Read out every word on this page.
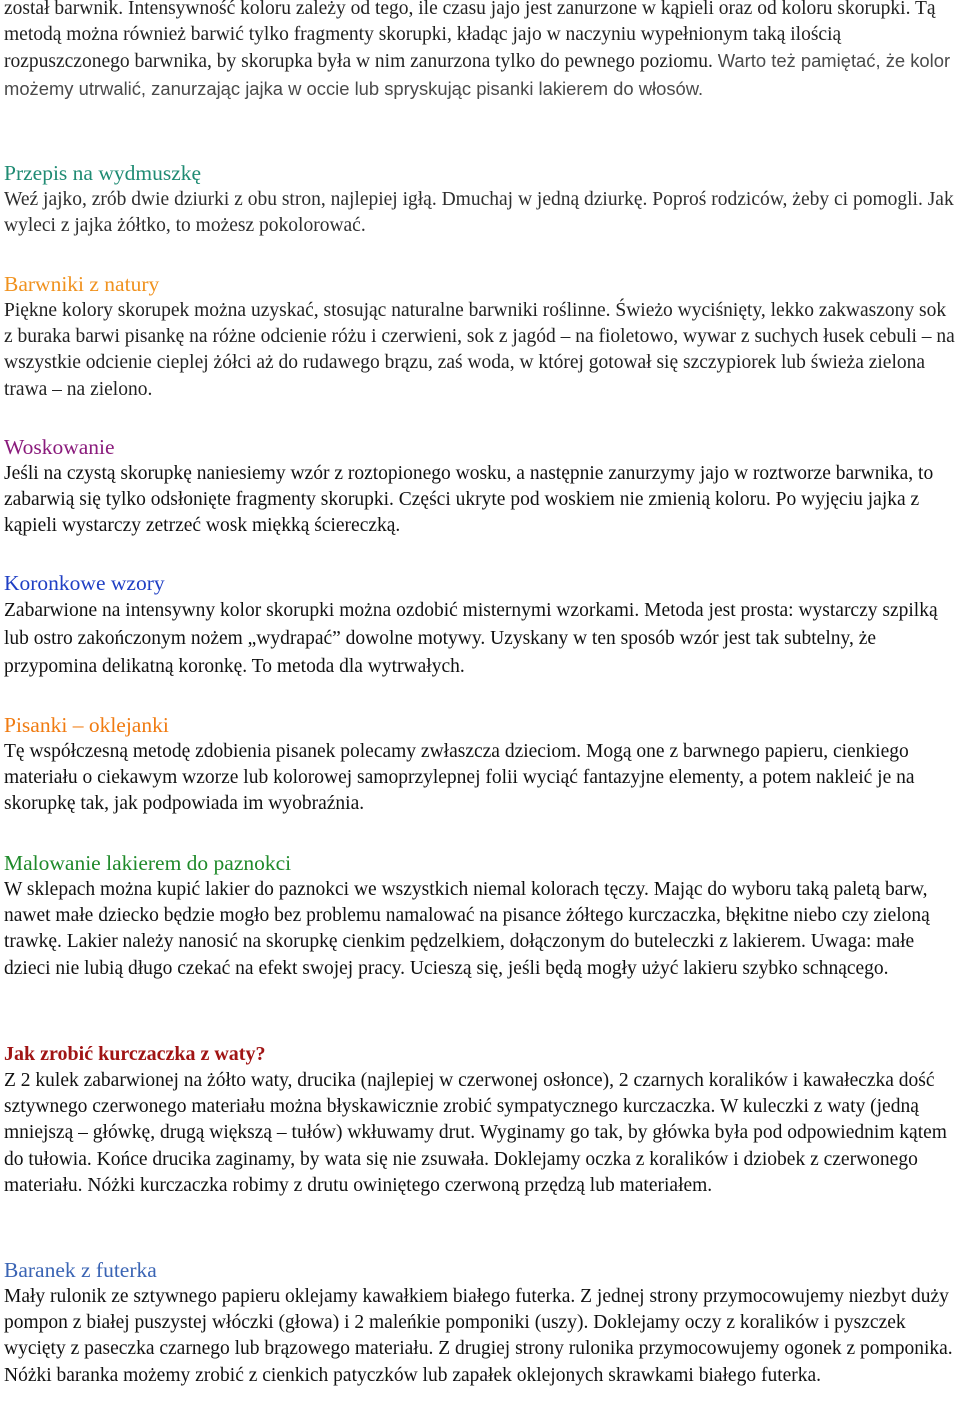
został barwnik. Intensywność koloru zależy od tego, ile czasu jajo jest zanurzone w kąpieli oraz od koloru skorupki. Tą metodą można również barwić tylko fragmenty skorupki, kładąc jajo w naczyniu wypełnionym taką ilością rozpuszczonego barwnika, by skorupka była w nim zanurzona tylko do pewnego poziomu. Warto też pamiętać, że kolor możemy utrwalić, zanurzając jajka w occie lub spryskując pisanki lakierem do włosów.

Przepis na wydmuszkę

Weź jajko, zrób dwie dziurki z obu stron, najlepiej igłą. Dmuchaj w jedną dziurkę. Poproś rodziców, żeby ci pomogli. Jak wyleci z jajka żółtko, to możesz pokolorować.

Barwniki z natury

Piękne kolory skorupek można uzyskać, stosując naturalne barwniki roślinne. Świeżo wyciśnięty, lekko zakwaszony sok z buraka barwi pisankę na różne odcienie różu i czerwieni, sok z jagód – na fioletowo, wywar z suchych łusek cebuli – na wszystkie odcienie cieplej żółci aż do rudawego brązu, zaś woda, w której gotował się szczypiorek lub świeża zielona trawa – na zielono.

Woskowanie

Jeśli na czystą skorupkę naniesiemy wzór z roztopionego wosku, a następnie zanurzymy jajo w roztworze barwnika, to zabarwią się tylko odsłonięte fragmenty skorupki. Części ukryte pod woskiem nie zmienią koloru. Po wyjęciu jajka z kąpieli wystarczy zetrzeć wosk miękką ściereczką.

Koronkowe wzory

Zabarwione na intensywny kolor skorupki można ozdobić misternymi wzorkami. Metoda jest prosta: wystarczy szpilką lub ostro zakończonym nożem „wydrapać” dowolne motywy. Uzyskany w ten sposób wzór jest tak subtelny, że przypomina delikatną koronkę. To metoda dla wytrwałych.

Pisanki – oklejanki

Tę współczesną metodę zdobienia pisanek polecamy zwłaszcza dzieciom. Mogą one z barwnego papieru, cienkiego materiału o ciekawym wzorze lub kolorowej samoprzylepnej folii wyciąć fantazyjne elementy, a potem nakleić je na skorupkę tak, jak podpowiada im wyobraźnia.

Malowanie lakierem do paznokci

W sklepach można kupić lakier do paznokci we wszystkich niemal kolorach tęczy. Mając do wyboru taką paletą barw, nawet małe dziecko będzie mogło bez problemu namalować na pisance żółtego kurczaczka, błękitne niebo czy zieloną trawkę. Lakier należy nanosić na skorupkę cienkim pędzelkiem, dołączonym do buteleczki z lakierem. Uwaga: małe dzieci nie lubią długo czekać na efekt swojej pracy. Ucieszą się, jeśli będą mogły użyć lakieru szybko schnącego.

Jak zrobić kurczaczka z waty?

Z 2 kulek zabarwionej na żółto waty, drucika (najlepiej w czerwonej osłonce), 2 czarnych koralików i kawałeczka dość sztywnego czerwonego materiału można błyskawicznie zrobić sympatycznego kurczaczka. W kuleczki z waty (jedną mniejszą – główkę, drugą większą – tułów) wkłuwamy drut. Wyginamy go tak, by główka była pod odpowiednim kątem do tułowia. Końce drucika zaginamy, by wata się nie zsuwała. Doklejamy oczka z koralików i dziobek z czerwonego materiału. Nóżki kurczaczka robimy z drutu owiniętego czerwoną przędzą lub materiałem.

Baranek z futerka

Mały rulonik ze sztywnego papieru oklejamy kawałkiem białego futerka. Z jednej strony przymocowujemy niezbyt duży pompon z białej puszystej włóczki (głowa) i 2 maleńkie pomponiki (uszy). Doklejamy oczy z koralików i pyszczek wycięty z paseczka czarnego lub brązowego materiału. Z drugiej strony rulonika przymocowujemy ogonek z pomponika. Nóżki baranka możemy zrobić z cienkich patyczków lub zapałek oklejonych skrawkami białego futerka.
